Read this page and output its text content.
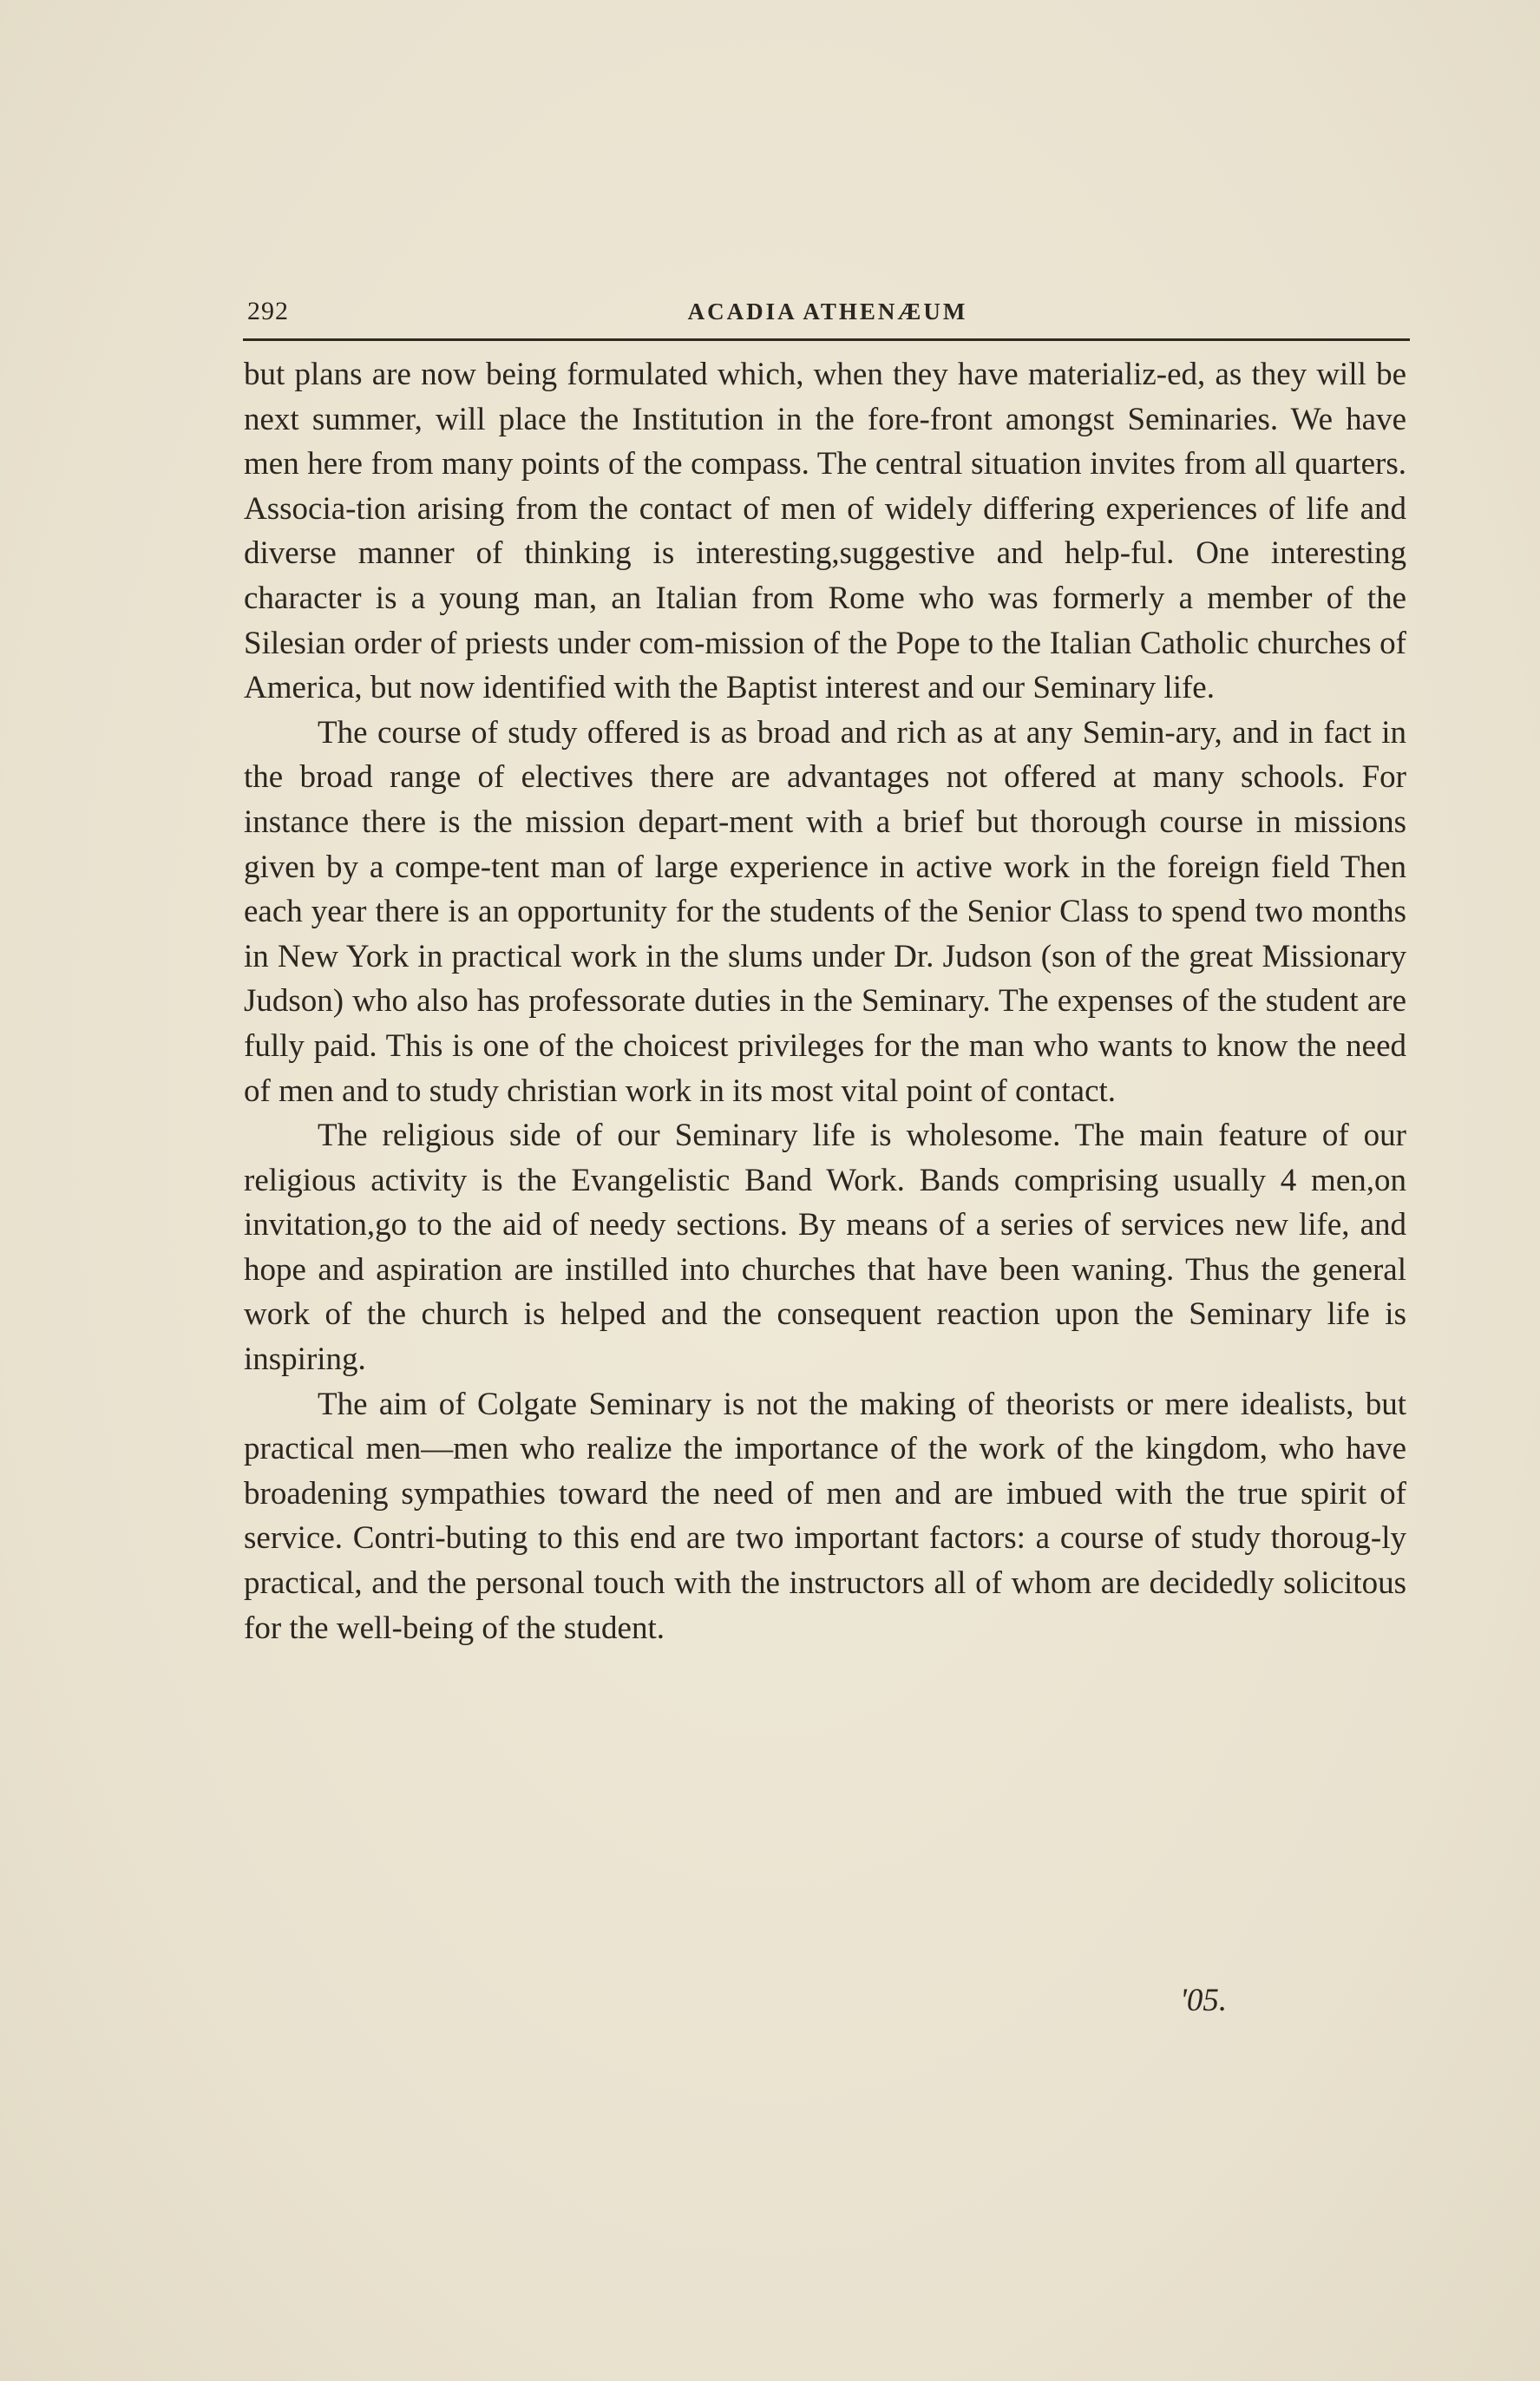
292	ACADIA ATHENÆUM

but plans are now being formulated which, when they have materializ-ed, as they will be next summer, will place the Institution in the fore-front amongst Seminaries. We have men here from many points of the compass. The central situation invites from all quarters. Associa-tion arising from the contact of men of widely differing experiences of life and diverse manner of thinking is interesting,suggestive and help-ful. One interesting character is a young man, an Italian from Rome who was formerly a member of the Silesian order of priests under com-mission of the Pope to the Italian Catholic churches of America, but now identified with the Baptist interest and our Seminary life.

The course of study offered is as broad and rich as at any Semin-ary, and in fact in the broad range of electives there are advantages not offered at many schools. For instance there is the mission depart-ment with a brief but thorough course in missions given by a compe-tent man of large experience in active work in the foreign field Then each year there is an opportunity for the students of the Senior Class to spend two months in New York in practical work in the slums under Dr. Judson (son of the great Missionary Judson) who also has professorate duties in the Seminary. The expenses of the student are fully paid. This is one of the choicest privileges for the man who wants to know the need of men and to study christian work in its most vital point of contact.

The religious side of our Seminary life is wholesome. The main feature of our religious activity is the Evangelistic Band Work. Bands comprising usually 4 men,on invitation,go to the aid of needy sections. By means of a series of services new life, and hope and aspiration are instilled into churches that have been waning. Thus the general work of the church is helped and the consequent reaction upon the Seminary life is inspiring.

The aim of Colgate Seminary is not the making of theorists or mere idealists, but practical men—men who realize the importance of the work of the kingdom, who have broadening sympathies toward the need of men and are imbued with the true spirit of service. Contri-buting to this end are two important factors: a course of study thoroug-ly practical, and the personal touch with the instructors all of whom are decidedly solicitous for the well-being of the student.

'05.
